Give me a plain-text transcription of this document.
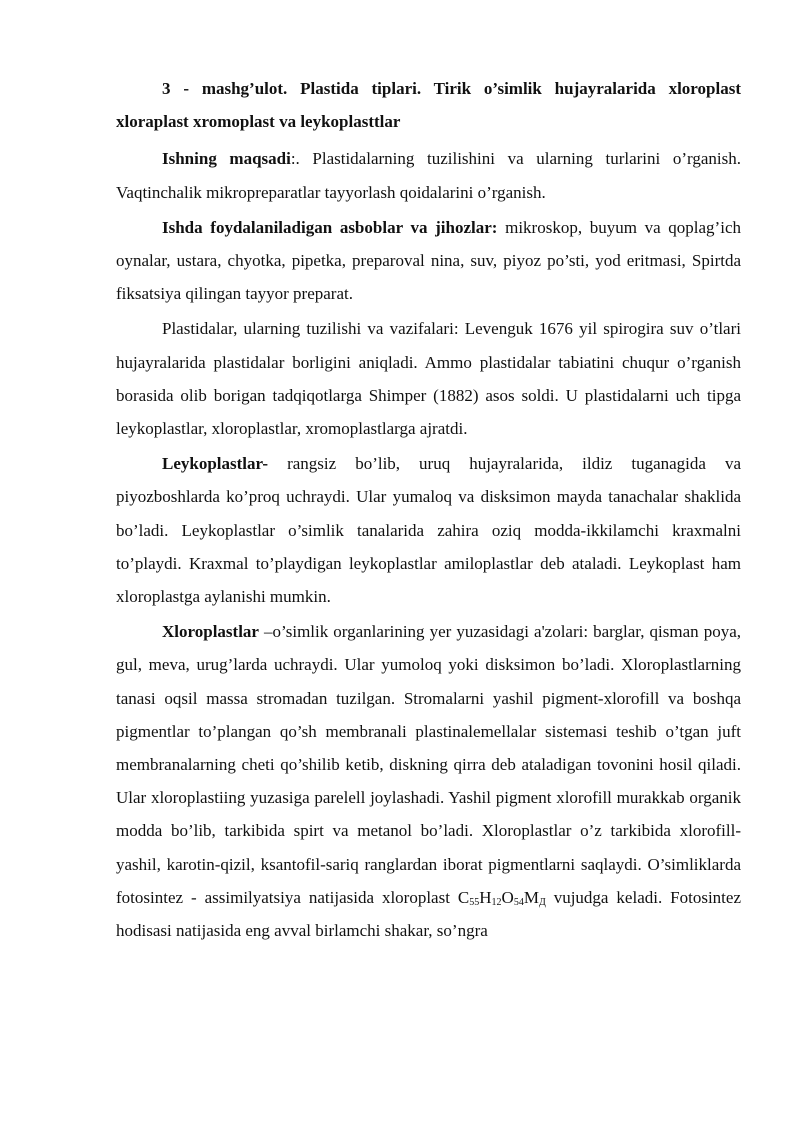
3 - mashg’ulot. Plastida tiplari. Tirik o’simlik hujayralarida xloroplast xloraplast xromoplast va leykoplasttlar

Ishning maqsadi:. Plastidalarning tuzilishini va ularning turlarini o’rganish. Vaqtinchalik mikropreparatlar tayyorlash qoidalarini o’rganish.

Ishda foydalaniladigan asboblar va jihozlar: mikroskop, buyum va qoplag’ich oynalar, ustara, chyotka, pipetka, preparoval nina, suv, piyoz po’sti, yod eritmasi, Spirtda fiksatsiya qilingan tayyor preparat.

Plastidalar, ularning tuzilishi va vazifalari: Levenguk 1676 yil spirogira suv o’tlari hujayralarida plastidalar borligini aniqladi. Ammo plastidalar tabiatini chuqur o’rganish borasida olib borigan tadqiqotlarga Shimper (1882) asos soldi. U plastidalarni uch tipga leykoplastlar, xloroplastlar, xromoplastlarga ajratdi.

Leykoplastlar- rangsiz bo’lib, uruq hujayralarida, ildiz tuganagida va piyozboshlarda ko’proq uchraydi. Ular yumaloq va disksimon mayda tanachalar shaklida bo’ladi. Leykoplastlar o’simlik tanalarida zahira oziq modda-ikkilamchi kraxmalni to’playdi. Kraxmal to’playdigan leykoplastlar amiloplastlar deb ataladi. Leykoplast ham xloroplastga aylanishi mumkin.

Xloroplastlar –o’simlik organlarining yer yuzasidagi a'zolari: barglar, qisman poya, gul, meva, urug’larda uchraydi. Ular yumoloq yoki disksimon bo’ladi. Xloroplastlarning tanasi oqsil massa stromadan tuzilgan. Stromalarni yashil pigment-xlorofill va boshqa pigmentlar to’plangan qo’sh membranali plastinalemellalar sistemasi teshib o’tgan juft membranalarning cheti qo’shilib ketib, diskning qirra deb ataladigan tovonini hosil qiladi. Ular xloroplastiing yuzasiga parelell joylashadi. Yashil pigment xlorofill murakkab organik modda bo’lib, tarkibida spirt va metanol bo’ladi. Xloroplastlar o’z tarkibida xlorofill-yashil, karotin-qizil, ksantofil-sariq ranglardan iborat pigmentlarni saqlaydi. O’simliklarda fotosintez - assimilyatsiya natijasida xloroplast $C_{55}H_{12}O_{54}M_Д$ vujudga keladi. Fotosintez hodisasi natijasida eng avval birlamchi shakar, so’ngra
